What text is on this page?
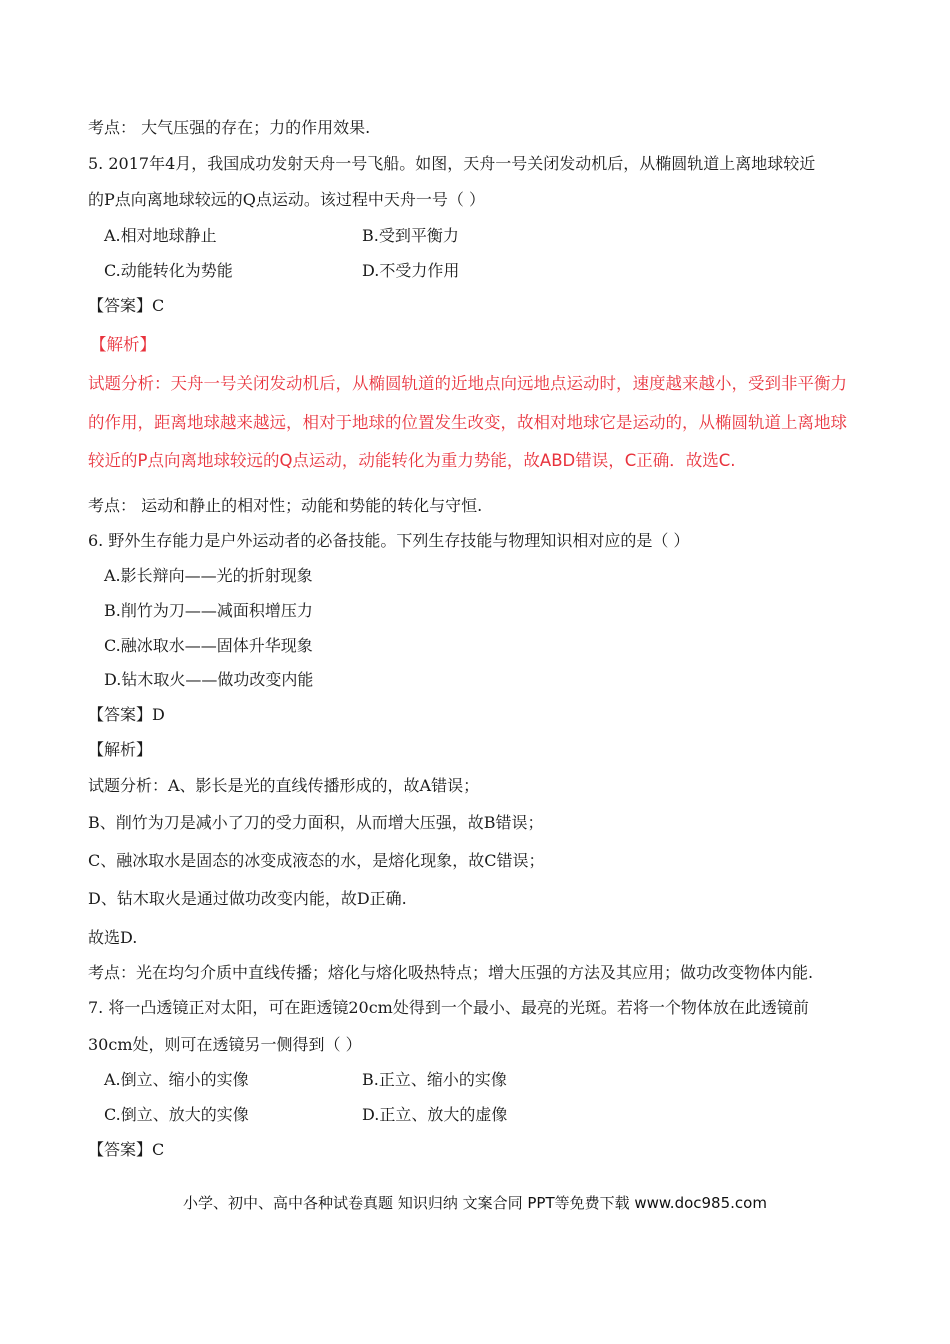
考点： 大气压强的存在；力的作用效果.
5. 2017年4月，我国成功发射天舟一号飞船。如图，天舟一号关闭发动机后，从椭圆轨道上离地球较近
的P点向离地球较远的Q点运动。该过程中天舟一号（ ）
A.相对地球静止	B.受到平衡力
C.动能转化为势能	D.不受力作用
【答案】C
【解析】
试题分析：天舟一号关闭发动机后，从椭圆轨道的近地点向远地点运动时，速度越来越小，受到非平衡力
的作用，距离地球越来越远，相对于地球的位置发生改变，故相对地球它是运动的，从椭圆轨道上离地球
较近的P点向离地球较远的Q点运动，动能转化为重力势能，故ABD错误，C正确．故选C.
考点： 运动和静止的相对性；动能和势能的转化与守恒.
6. 野外生存能力是户外运动者的必备技能。下列生存技能与物理知识相对应的是（ ）
A.影长辩向——光的折射现象
B.削竹为刀——减面积增压力
C.融冰取水——固体升华现象
D.钻木取火——做功改变内能
【答案】D
【解析】
试题分析：A、影长是光的直线传播形成的，故A错误；
B、削竹为刀是减小了刀的受力面积，从而增大压强，故B错误；
C、融冰取水是固态的冰变成液态的水，是熔化现象，故C错误；
D、钻木取火是通过做功改变内能，故D正确.
故选D.
考点：光在均匀介质中直线传播；熔化与熔化吸热特点；增大压强的方法及其应用；做功改变物体内能.
7. 将一凸透镜正对太阳，可在距透镜20cm处得到一个最小、最亮的光斑。若将一个物体放在此透镜前
30cm处，则可在透镜另一侧得到（ ）
A.倒立、缩小的实像	B.正立、缩小的实像
C.倒立、放大的实像	D.正立、放大的虚像
【答案】C
小学、初中、高中各种试卷真题 知识归纳 文案合同 PPT等免费下载 www.doc985.com
